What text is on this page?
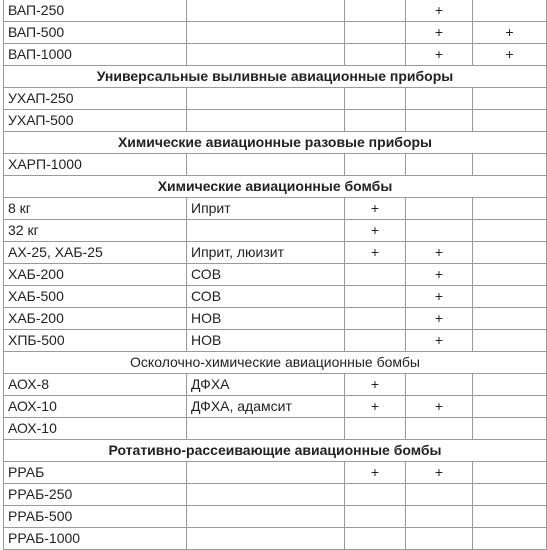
ВАП-250			+	
ВАП-500			+	+
ВАП-1000			+	+
Универсальные выливные авиационные приборы				
УХАП-250				
УХАП-500				
Химические авиационные разовые приборы				
ХАРП-1000				
Химические авиационные бомбы				
8 кг	Иприт	+		
32 кг		+		
АХ-25, ХАБ-25	Иприт, люизит	+	+	
ХАБ-200	СОВ		+	
ХАБ-500	СОВ		+	
ХАБ-200	НОВ		+	
ХПБ-500	НОВ		+	
Осколочно-химические авиационные бомбы				
АОХ-8	ДФХА	+		
АОХ-10	ДФХА, адамсит	+	+	
АОХ-10				
Ротативно-рассеивающие авиационные бомбы				
РРАБ		+	+	
РРАБ-250				
РРАБ-500				
РРАБ-1000				
